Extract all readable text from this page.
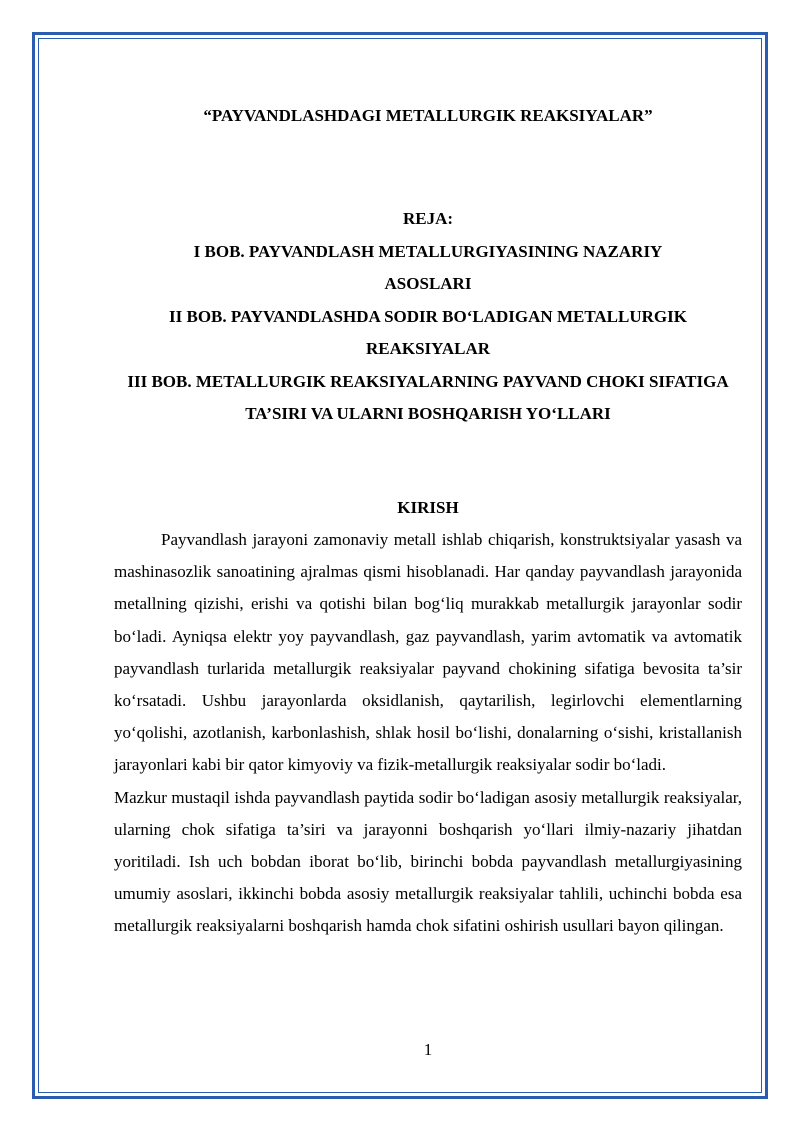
“PAYVANDLASHDAGI METALLURGIK REAKSIYALAR”
REJA:
I BOB. PAYVANDLASH METALLURGIYASINING NAZARIY ASOSLARI
II BOB. PAYVANDLASHDA SODIR BO‘LADIGAN METALLURGIK REAKSIYALAR
III BOB. METALLURGIK REAKSIYALARNING PAYVAND CHOKI SIFATIGA TA’SIRI VA ULARNI BOSHQARISH YO‘LLARI
KIRISH

Payvandlash jarayoni zamonaviy metall ishlab chiqarish, konstruktsiyalar yasash va mashinasozlik sanoatining ajralmas qismi hisoblanadi. Har qanday payvandlash jarayonida metallning qizishi, erishi va qotishi bilan bog‘liq murakkab metallurgik jarayonlar sodir bo‘ladi. Ayniqsa elektr yoy payvandlash, gaz payvandlash, yarim avtomatik va avtomatik payvandlash turlarida metallurgik reaksiyalar payvand chokining sifatiga bevosita ta’sir ko‘rsatadi. Ushbu jarayonlarda oksidlanish, qaytarilish, legirlovchi elementlarning yo‘qolishi, azotlanish, karbonlashish, shlak hosil bo‘lishi, donalarning o‘sishi, kristallanish jarayonlari kabi bir qator kimyoviy va fizik-metallurgik reaksiyalar sodir bo‘ladi.

Mazkur mustaqil ishda payvandlash paytida sodir bo‘ladigan asosiy metallurgik reaksiyalar, ularning chok sifatiga ta’siri va jarayonni boshqarish yo‘llari ilmiy-nazariy jihatdan yoritiladi. Ish uch bobdan iborat bo‘lib, birinchi bobda payvandlash metallurgiyasining umumiy asoslari, ikkinchi bobda asosiy metallurgik reaksiyalar tahlili, uchinchi bobda esa metallurgik reaksiyalarni boshqarish hamda chok sifatini oshirish usullari bayon qilingan.

1
